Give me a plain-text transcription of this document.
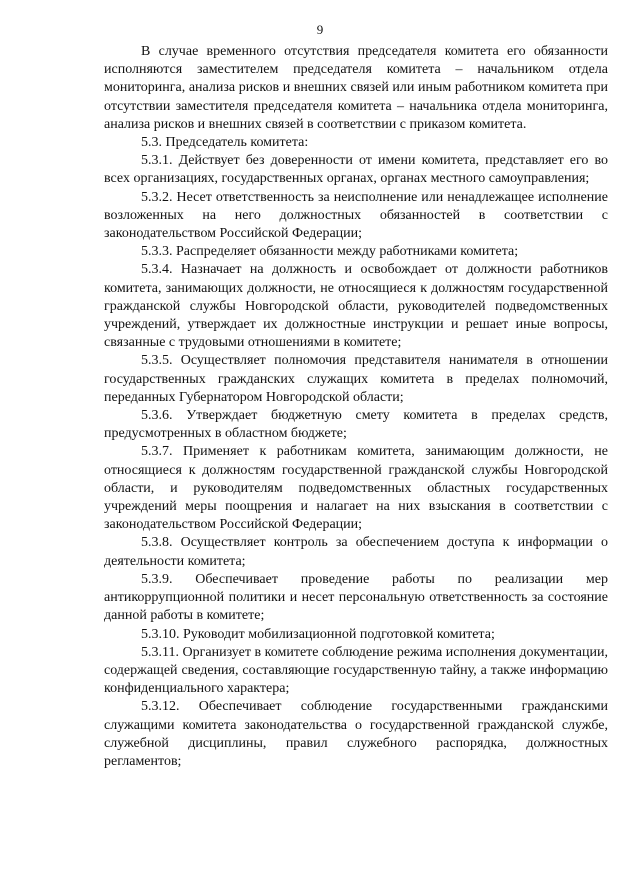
9

В случае временного отсутствия председателя комитета его обязанности исполняются заместителем председателя комитета – начальником отдела мониторинга, анализа рисков и внешних связей или иным работником комитета при отсутствии заместителя председателя комитета – начальника отдела мониторинга, анализа рисков и внешних связей в соответствии с приказом комитета.

5.3. Председатель комитета:

5.3.1. Действует без доверенности от имени комитета, представляет его во всех организациях, государственных органах, органах местного самоуправления;

5.3.2. Несет ответственность за неисполнение или ненадлежащее исполнение возложенных на него должностных обязанностей в соответствии с законодательством Российской Федерации;

5.3.3. Распределяет обязанности между работниками комитета;

5.3.4. Назначает на должность и освобождает от должности работников комитета, занимающих должности, не относящиеся к должностям государственной гражданской службы Новгородской области, руководителей подведомственных учреждений, утверждает их должностные инструкции и решает иные вопросы, связанные с трудовыми отношениями в комитете;

5.3.5. Осуществляет полномочия представителя нанимателя в отношении государственных гражданских служащих комитета в пределах полномочий, переданных Губернатором Новгородской области;

5.3.6. Утверждает бюджетную смету комитета в пределах средств, предусмотренных в областном бюджете;

5.3.7. Применяет к работникам комитета, занимающим должности, не относящиеся к должностям государственной гражданской службы Новгородской области, и руководителям подведомственных областных государственных учреждений меры поощрения и налагает на них взыскания в соответствии с законодательством Российской Федерации;

5.3.8. Осуществляет контроль за обеспечением доступа к информации о деятельности комитета;

5.3.9. Обеспечивает проведение работы по реализации мер антикоррупционной политики и несет персональную ответственность за состояние данной работы в комитете;

5.3.10. Руководит мобилизационной подготовкой комитета;

5.3.11. Организует в комитете соблюдение режима исполнения документации, содержащей сведения, составляющие государственную тайну, а также информацию конфиденциального характера;

5.3.12. Обеспечивает соблюдение государственными гражданскими служащими комитета законодательства о государственной гражданской службе, служебной дисциплины, правил служебного распорядка, должностных регламентов;
